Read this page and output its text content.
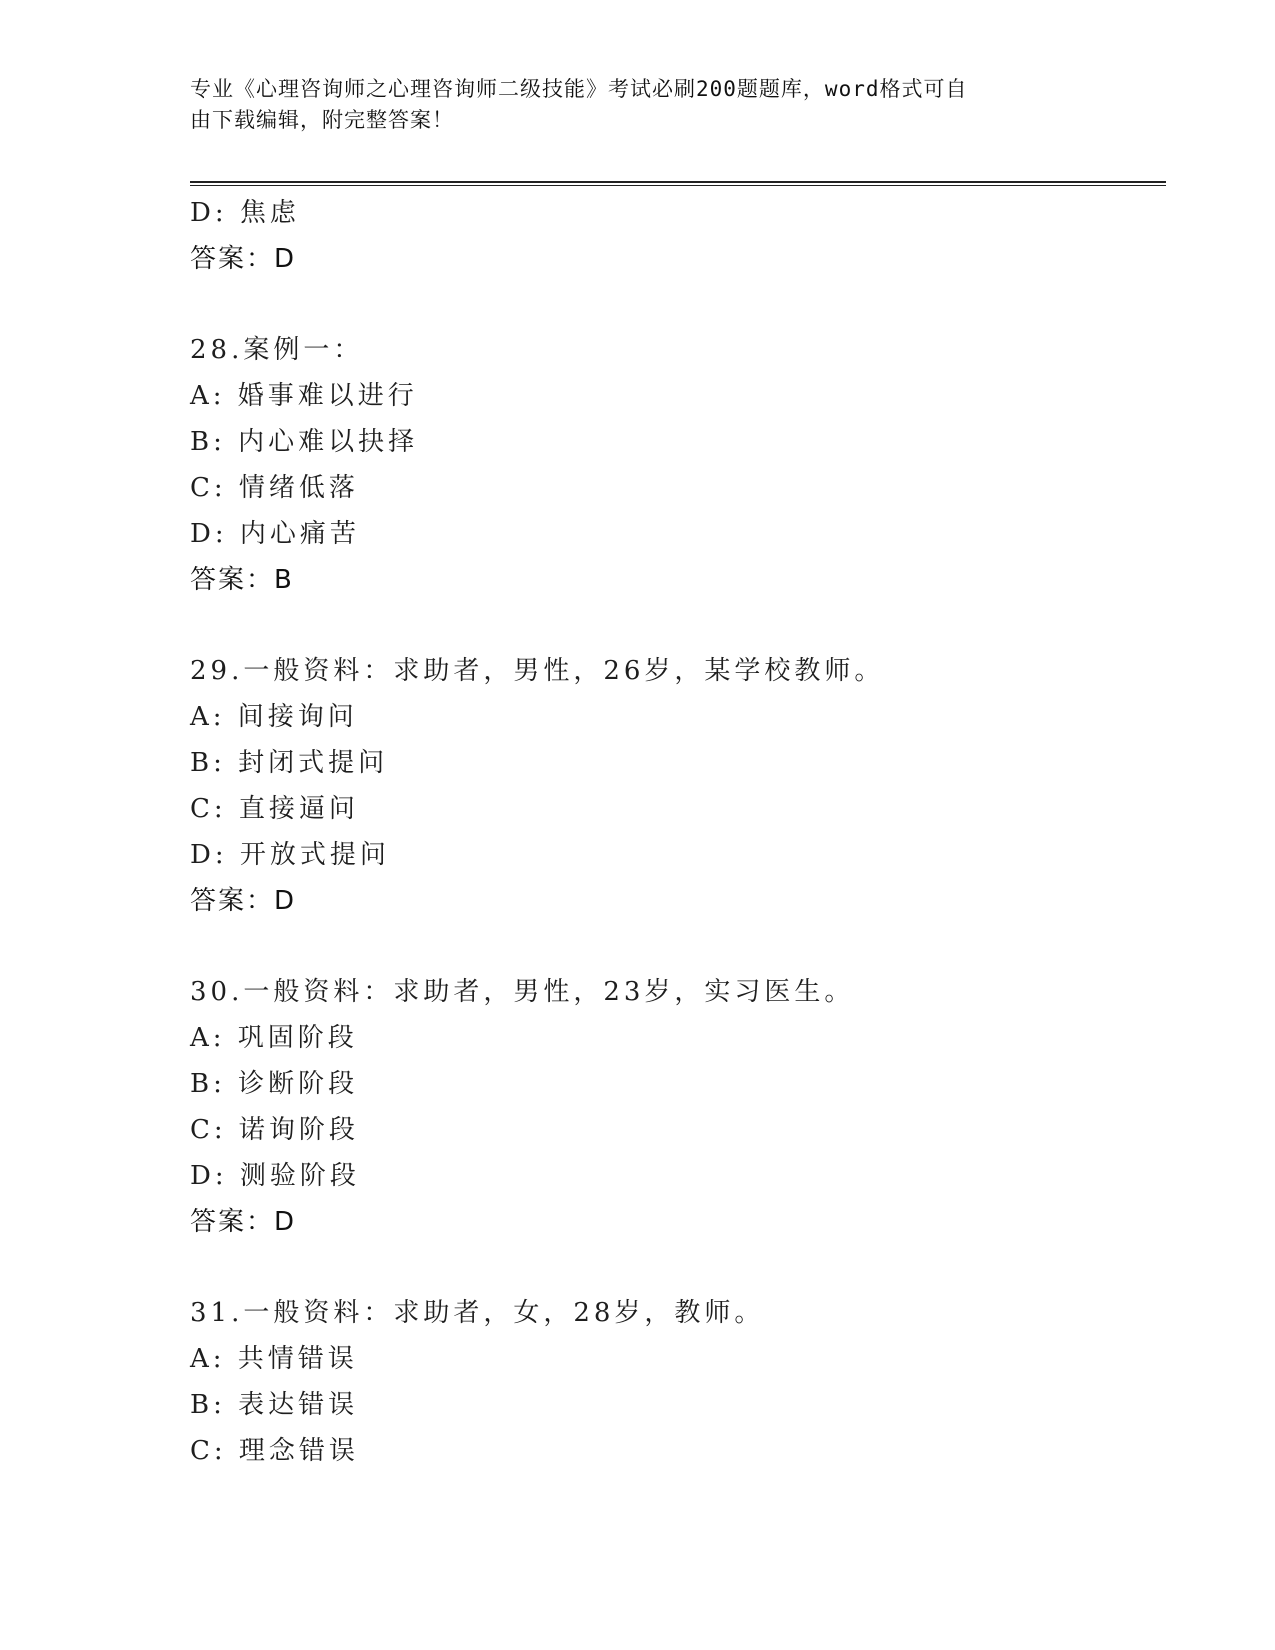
专业《心理咨询师之心理咨询师二级技能》考试必刷200题题库，word格式可自
由下载编辑，附完整答案！
D: 焦虑
答案：D
28.案例一：
A: 婚事难以进行
B: 内心难以抉择
C: 情绪低落
D: 内心痛苦
答案：B
29.一般资料：求助者，男性，26岁，某学校教师。
A: 间接询问
B: 封闭式提问
C: 直接逼问
D: 开放式提问
答案：D
30.一般资料：求助者，男性，23岁，实习医生。
A: 巩固阶段
B: 诊断阶段
C: 诺询阶段
D: 测验阶段
答案：D
31.一般资料：求助者，女，28岁，教师。
A: 共情错误
B: 表达错误
C: 理念错误
